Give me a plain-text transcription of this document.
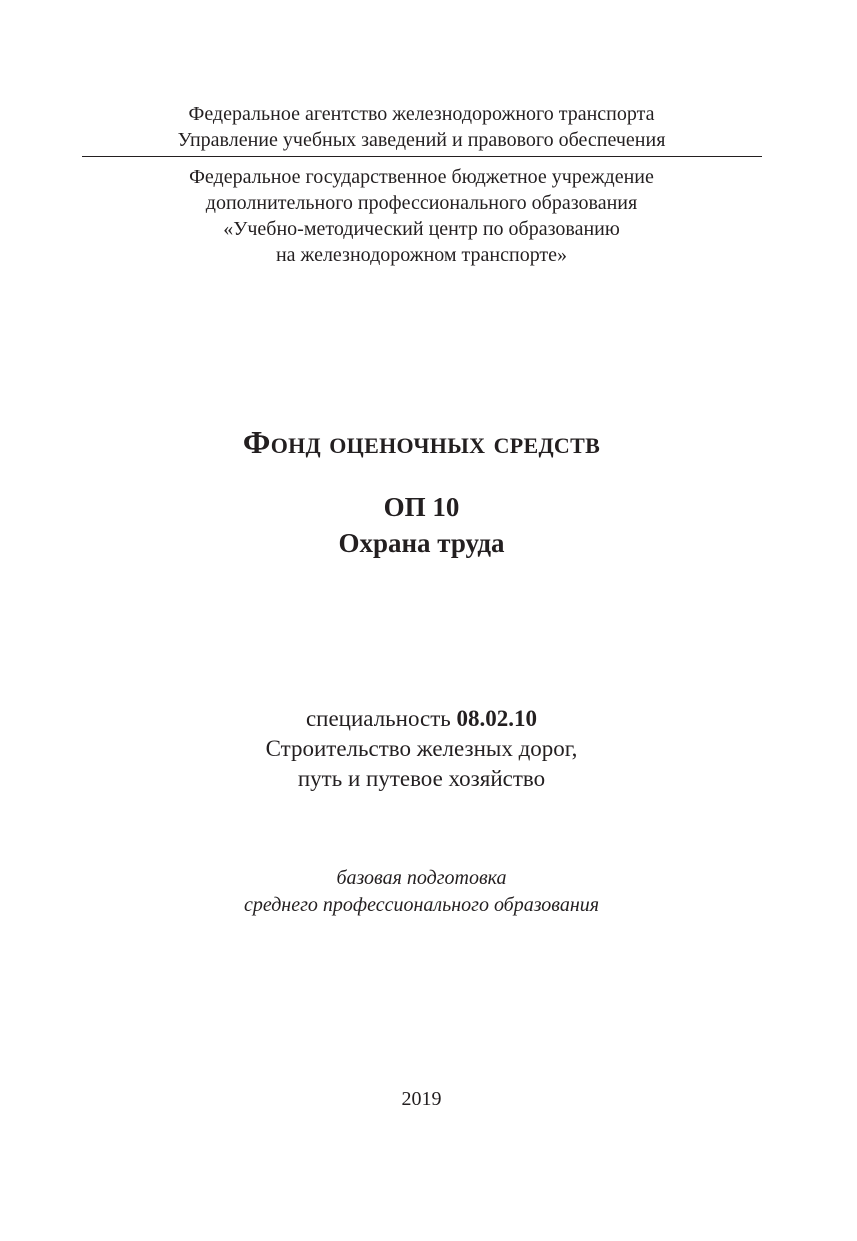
Федеральное агентство железнодорожного транспорта
Управление учебных заведений и правового обеспечения
Федеральное государственное бюджетное учреждение
дополнительного профессионального образования
«Учебно-методический центр по образованию
на железнодорожном транспорте»
Фонд оценочных средств
ОП 10
Охрана труда
специальность 08.02.10
Строительство железных дорог,
путь и путевое хозяйство
базовая подготовка
среднего профессионального образования
2019
